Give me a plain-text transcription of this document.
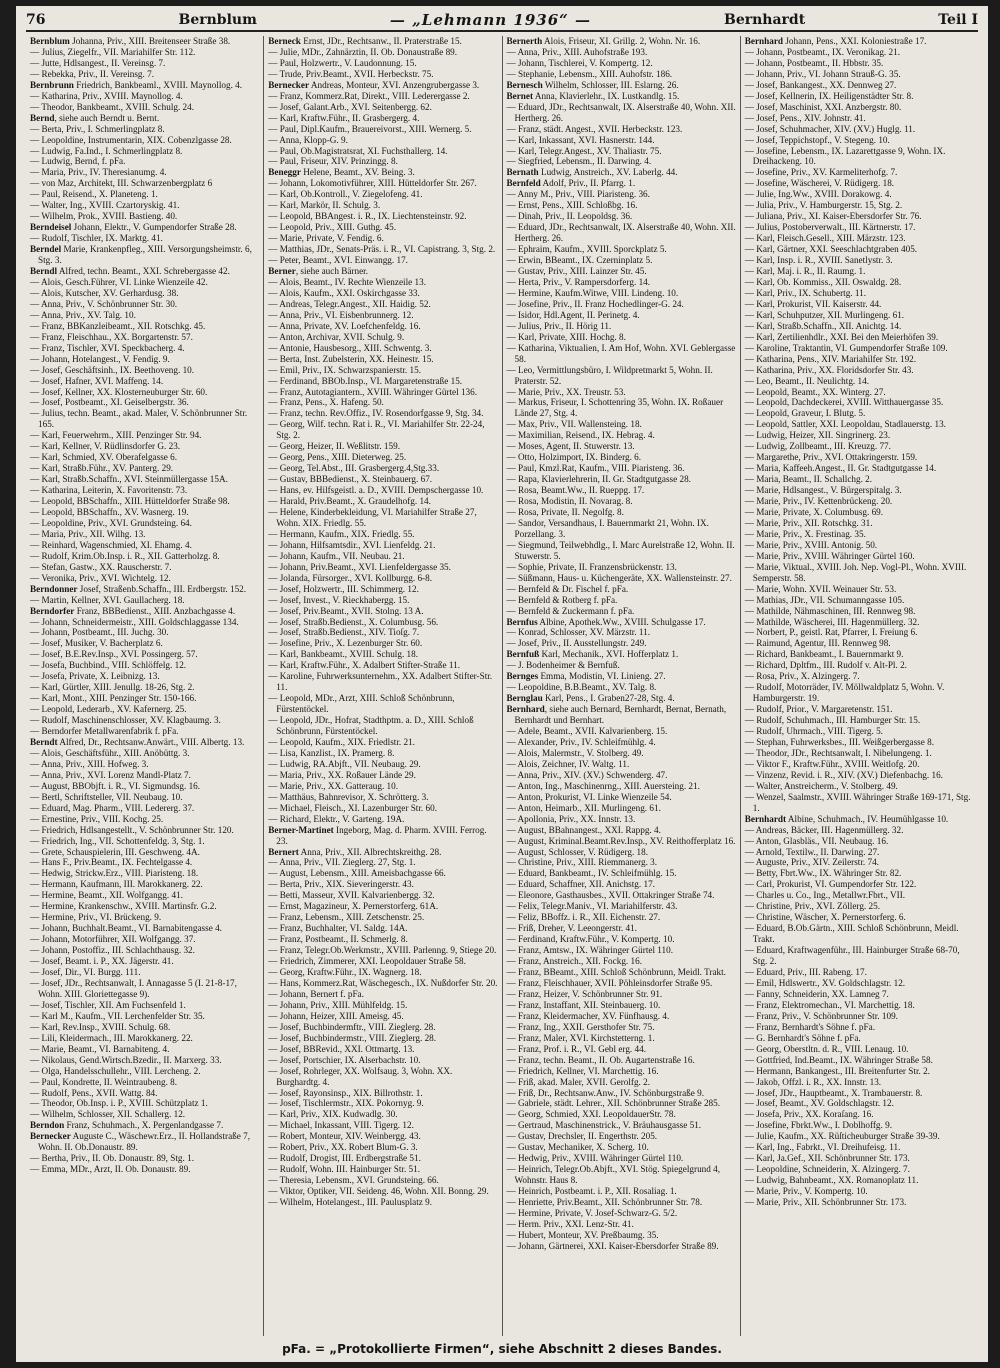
76	Bernblum	— „Lehmann 1936“ —	Bernhardt	Teil I

Bernblum Johanna, Priv., XIII. Breitenseer Straße 38.

— Julius, Ziegelfr., VII. Mariahilfer Str. 112.

— Jutte, Hdlsangest., II. Vereinsg. 7.

— Rebekka, Priv., II. Vereinsg. 7.

Bernbrunn Friedrich, Bankbeaml., XVIII. Maynollog. 4.

— Katharina, Priv., XVIII. Maynollog. 4.

— Theodor, Bankbeamt., XVIII. Schulg. 24.

Bernd, siehe auch Berndt u. Bernt.

— Berta, Priv., I. Schmerlingplatz 8.

— Leopoldine, Instrumentarin, XIX. Cobenzlgasse 28.

— Ludwig, Fa.Ind., I. Schmerlingplatz 8.

— Ludwig, Bernd, f. pFa.

— Maria, Priv., IV. Theresianumg. 4.

— von Maz, Architekt, III. Schwarzenbergplatz 6

— Paul, Reisend., X. Planeteng. 1.

— Walter, Ing., XVIII. Czartoryskig. 41.

— Wilhelm, Prok., XVIII. Bastieng. 40.

Berndeisel Johann, Elektr., V. Gumpendorfer Straße 28.

— Rudolf, Tischler, IX. Marktg. 41.

Berndel Marie, Krankenpfleg., XIII. Versorgungsheimstr. 6, Stg. 3.

Berndl Alfred, techn. Beamt., XXI. Schrebergasse 42.

— Alois, Gesch.Führer, VI. Linke Wienzeile 42.

— Alois, Kutscher, XV. Gerhardusg. 38.

— Anna, Priv., V. Schönbrunner Str. 30.

— Anna, Priv., XV. Talg. 10.

— Franz, BBKanzleibeamt., XII. Rotschkg. 45.

— Franz, Fleischhau., XX. Borgartenstr. 57.

— Franz, Tischler, XVI. Speckbacherg. 4.

— Johann, Hotelangest., V. Fendig. 9.

— Josef, Geschäftsinh., IX. Beethoveng. 10.

— Josef, Hafner, XVI. Maffeng. 14.

— Josef, Kellner, XX. Klosterneuburger Str. 60.

— Josef, Postbeamt., XI. Geiselbergstr. 36.

— Julius, techn. Beamt., akad. Maler, V. Schönbrunner Str. 165.

— Karl, Feuerwehrm., XIII. Penzinger Str. 94.

— Karl, Kellner, V. Rüdlinsdorfer G. 23.

— Karl, Schmied, XV. Oberafelgasse 6.

— Karl, Straßb.Führ., XV. Panterg. 29.

— Karl, Straßb.Schaffn., XVI. Steinmüllergasse 15A.

— Katharina, Leiterin, X. Favoritenstr. 73.

— Leopold, BBSchaffn., XIII. Hütteldorfer Straße 98.

— Leopold, BBSchaffn., XV. Wasnerg. 19.

— Leopoldine, Priv., XVI. Grundsteing. 64.

— Maria, Priv., XII. Wilhg. 13.

— Reinhard, Wagenschmied, XI. Ehamg. 4.

— Rudolf, Krim.Ob.Insp. i. R., XII. Gatterholzg. 8.

— Stefan, Gastw., XX. Rauscherstr. 7.

— Veronika, Priv., XVI. Wichtelg. 12.

Berndonner Josef, Straßenb.Schaffn., III. Erdbergstr. 152.

— Martin, Kellner, XVI. Gaullacherg. 18.

Berndorfer Franz, BBBedienst., XIII. Anzbachgasse 4.

— Johann, Schneidermeistr., XIII. Goldschlaggasse 134.

— Johann, Postbeamt., III. Juchg. 30.

— Josef, Musiker, V. Bacherplatz 6.

— Josef, B.E.Rev.Insp., XVI. Possingerg. 57.

— Josefa, Buchbind., VIII. Schlöffelg. 12.

— Josefa, Private, X. Leibnizg. 13.

— Karl, Gürtler, XIII. Jenullg. 18-26, Stg. 2.

— Karl, Mont., XIII. Penzinger Str. 150-166.

— Leopold, Lederarb., XV. Kafernerg. 25.

— Rudolf, Maschinenschlosser, XV. Klagbaumg. 3.

— Berndorfer Metallwarenfabrik f. pFa.

Berndt Alfred, Dr., Rechtsanw.Anwärt., VIII. Albertg. 13.

— Alois, Geschäftsführ., XIII. Anöbüttg. 3.

— Anna, Priv., XIII. Hofweg. 3.

— Anna, Priv., XVI. Lorenz Mandl-Platz 7.

— August, BBObjft. i. R., VI. Sigmundsg. 16.

— Bertl, Schriftsteller, VII. Neubaug. 10.

— Eduard, Mag. Pharm., VIII. Ledererg. 37.

— Ernestine, Priv., VIII. Kochg. 25.

— Friedrich, Hdlsangestellt., V. Schönbrunner Str. 120.

— Friedrich, Ing., VII. Schottenfeldg. 3, Stg. 1.

— Grete, Schauspielerin, III. Geschweng. 4A.

— Hans F., Priv.Beamt., IX. Fechtelgasse 4.

— Hedwig, Strickw.Erz., VIII. Piaristeng. 18.

— Hermann, Kaufmann, III. Marokkanerg. 22.

— Hermine, Beamt., XII. Wolfgangg. 41.

— Hermine, Krankenschw., XVIII. Martinsfr. G.2.

— Hermine, Priv., VI. Brückeng. 9.

— Johann, Buchhalt.Beamt., VI. Barnabitengasse 4.

— Johann, Motorführer, XII. Wolfgangg. 37.

— Johann, Postoffiz., III. Schlachthausg. 32.

— Josef, Beamt. i. P., XX. Jägerstr. 41.

— Josef, Dir., VI. Burgg. 111.

— Josef, JDr., Rechtsanwalt, I. Annagasse 5 (I. 21-8-17, Wohn. XIII. Gloriettegasse 9).

— Josef, Tischler, XII. Am Fuchsenfeld 1.

— Karl M., Kaufm., VII. Lerchenfelder Str. 35.

— Karl, Rev.Insp., XVIII. Schulg. 68.

— Lili, Kleidermach., III. Marokkanerg. 22.

— Marie, Beamt., VI. Barnabiteng. 4.

— Nikolaus, Gend.Wirtsch.Bzedir., II. Marxerg. 33.

— Olga, Handelsschullehr., VIII. Lercheng. 2.

— Paul, Kondrette, II. Weintraubeng. 8.

— Rudolf, Pens., XVII. Wattg. 84.

— Theodor, Ob.Insp. i. P., XVIII. Schützplatz 1.

— Wilhelm, Schlosser, XII. Schallerg. 12.

Berndon Franz, Schuhmach., X. Pergenlandgasse 7.

Bernecker Auguste C., Wäschewr.Erz., II. Hollandstraße 7, Wohn. II. Ob.Donaustr. 89.

— Bertha, Priv., II. Ob. Donaustr. 89, Stg. 1.

— Emma, MDr., Arzt, II. Ob. Donaustr. 89.

Berneck Ernst, JDr., Rechtsanw., II. Praterstraße 15.

— Julie, MDr., Zahnärztin, II. Ob. Donaustraße 89.

— Paul, Holzwertr., V. Laudonnung. 15.

— Trude, Priv.Beamt., XVII. Herbeckstr. 75.

Bernecker Andreas, Monteur, XVI. Anzengrubergasse 3.

— Franz, Kommerz.Rat, Direkt., VIII. Lederergasse 2.

— Josef, Galant.Arb., XVI. Seitenbergg. 62.

— Karl, Kraftw.Führ., II. Grasbergerg. 4.

— Paul, Dipl.Kaufm., Brauereivorst., XIII. Wernerg. 5.

— Anna, Klopp-G. 9.

— Paul, Ob.Magistratsrat, XI. Fuchsthallerg. 14.

— Paul, Friseur, XIV. Prinzingg. 8.

Beneggr Helene, Beamt., XV. Being. 3.

— Johann, Lokomotivführer, XIII. Hütteldorfer Str. 267.

— Karl, Ob.Kontroll., V. Ziegelofeng. 41.

— Karl, Markör, II. Schulg. 3.

— Leopold, BBAngest. i. R., IX. Liechtensteinstr. 92.

— Leopold, Priv., XIII. Guthg. 45.

— Marie, Private, V. Fendig. 6.

— Matthias, JDr., Senats-Präs. i. R., VI. Capistrang. 3, Stg. 2.

— Peter, Beamt., XVI. Einwangg. 17.

Berner, siehe auch Bärner.

— Alois, Beamt., IV. Rechte Wienzeile 13.

— Alois, Kaufm., XXI. Oskirchgasse 33.

— Andreas, Telegr.Angest., XII. Haidig. 52.

— Anna, Priv., VI. Eisbenbrunnerg. 12.

— Anna, Private, XV. Loefchenfeldg. 16.

— Anton, Archivar, XVII. Schulg. 9.

— Antonie, Hausbesorg., XIII. Schwentg. 3.

— Berta, Inst. Zubelsterin, XX. Heinestr. 15.

— Emil, Priv., IX. Schwarzspanierstr. 15.

— Ferdinand, BBOb.Insp., VI. Margaretenstraße 15.

— Franz, Autotagiantern., XVIII. Währinger Gürtel 136.

— Franz, Pens., X. Hafeng. 50.

— Franz, techn. Rev.Offiz., IV. Rosendorfgasse 9, Stg. 34.

— Georg, Wilf. techn. Rat i. R., VI. Mariahilfer Str. 22-24, Stg. 2.

— Georg, Heizer, II. Weßlitstr. 159.

— Georg, Pens., XIII. Dieterweg. 25.

— Georg, Tel.Abst., III. Grasbergerg.4,Stg.33.

— Gustav, BBBedienst., X. Steinbauerg. 67.

— Hans, ev. Hilfsgeistl. a. D., XVIII. Dempschergasse 10.

— Harald, Priv.Beamt., X. Graudelhofg. 14.

— Helene, Kinderbekleidung, VI. Mariahilfer Straße 27, Wohn. XIX. Friedlg. 55.

— Hermann, Kaufm., XIX. Friedlg. 55.

— Johann, Hilfsamtsdir., XVI. Lienfeldg. 21.

— Johann, Kaufm., VII. Neubau. 21.

— Johann, Priv.Beamt., XVI. Lienfeldergasse 35.

— Jolanda, Fürsorger., XVI. Kollburgg. 6-8.

— Josef, Holzwertr., III. Schimmerg. 12.

— Josef, Invest., V. Rieckhabergg. 15.

— Josef, Priv.Beamt., XVII. Stolng. 13 A.

— Josef, Straßb.Bedienst., X. Columbusg. 56.

— Josef, Straßb.Bedienst., XIV. Tioſg. 7.

— Josefine, Priv., X. Lezenburger Str. 60.

— Karl, Bankbeamt., XVIII. Schulg. 18.

— Karl, Kraftw.Führ., X. Adalbert Stifter-Straße 11.

— Karoline, Fuhrwerksunternehm., XX. Adalbert Stifter-Str. 11.

— Leopold, MDr., Arzt, XIII. Schloß Schönbrunn, Fürstentöckel.

— Leopold, JDr., Hofrat, Stadthptm. a. D., XIII. Schloß Schönbrunn, Fürstentöckel.

— Leopold, Kaufm., XIX. Friedlstr. 21.

— Lisa, Kanzlist., IX. Pramerg. 8.

— Ludwig, RA.Abjft., VII. Neubaug. 29.

— Maria, Priv., XX. Roßauer Lände 29.

— Marie, Priv., XX. Gatteraug. 10.

— Matthäus, Bahnrevisor, X. Schrötterg. 3.

— Michael, Fleisch., XI. Lazenburger Str. 60.

— Richard, Elektr., V. Garteng. 19A.

Berner-Martinet Ingeborg, Mag. d. Pharm. XVIII. Ferrog. 23.

Bernert Anna, Priv., XII. Albrechtskreithg. 28.

— Anna, Priv., VII. Zieglerg. 27, Stg. 1.

— August, Lebensm., XIII. Ameisbachgasse 66.

— Berta, Priv., XIX. Sieveringerstr. 43.

— Betti, Masseur, XVII. Kalvarienbergg. 32.

— Ernst, Magazineur, X. Pernerstorferg. 61A.

— Franz, Lebensm., XIII. Zetschenstr. 25.

— Franz, Buchhalter, VI. Saldg. 14A.

— Franz, Postbeamt., II. Schmerlg. 8.

— Franz, Telegr.Ob.Werkmstr., XVIII. Parlenng. 9, Stiege 20.

— Friedrich, Zimmerer, XXI. Leopoldauer Straße 58.

— Georg, Kraftw.Führ., IX. Wagnerg. 18.

— Hans, Kommerz.Rat, Wäschegesch., IX. Nußdorfer Str. 20.

— Johann, Bernert f. pFa.

— Johann, Priv., XIII. Mühlfeldg. 15.

— Johann, Heizer, XIII. Ameisg. 45.

— Josef, Buchbindermftr., VIII. Zieglerg. 28.

— Josef, Buchbindermstr., VIII. Zieglerg. 28.

— Josef, BBRevid., XXI. Ottmartg. 13.

— Josef, Portschier, IX. Alserbachstr. 10.

— Josef, Rohrleger, XX. Wolfsaug. 3, Wohn. XX. Burghardtg. 4.

— Josef, Rayonsinsp., XIX. Billrothstr. 1.

— Josef, Tischlermstr., XIX. Pokornyg. 9.

— Karl, Priv., XIX. Kudwadlg. 30.

— Michael, Inkassant, VIII. Tigerg. 12.

— Robert, Monteur, XIV. Weinbergg. 43.

— Robert, Priv., XX. Robert Blum-G. 3.

— Rudolf, Drogist, III. Erdbergstraße 51.

— Rudolf, Wohn. III. Hainburger Str. 51.

— Theresia, Lebensm., XVI. Grundsteing. 66.

— Viktor, Optiker, VII. Seideng. 46, Wohn. XII. Bonng. 29.

— Wilhelm, Hotelangest., III. Paulusplatz 9.

Bernerth Alois, Friseur, XI. Grillg. 2, Wohn. Nr. 16.

— Anna, Priv., XIII. Auhofstraße 193.

— Johann, Tischlerei, V. Kompertg. 12.

— Stephanie, Lebensm., XIII. Auhofstr. 186.

Bernesch Wilhelm, Schlosser, III. Eslarng. 26.

Bernet Anna, Klavierlehr., IX. Lustkandlg. 15.

— Eduard, JDr., Rechtsanwalt, IX. Alserstraße 40, Wohn. XII. Hertherg. 26.

— Franz, städt. Angest., XVII. Herbeckstr. 123.

— Karl, Inkassant, XVI. Hasnerstr. 144.

— Karl, Telegr.Angest., XV. Thaliastr. 75.

— Siegfried, Lebensm., II. Darwing. 4.

Bernath Ludwig, Anstreich., XV. Laberlg. 44.

Bernfeld Adolf, Priv., II. Pfarrg. 1.

— Anny M., Priv., VIII. Piaristeng. 36.

— Ernst, Pens., XIII. Schloßbg. 16.

— Dinah, Priv., II. Leopoldsg. 36.

— Eduard, JDr., Rechtsanwalt, IX. Alserstraße 40, Wohn. XII. Hertherg. 26.

— Ephraim, Kaufm., XVIII. Sporckplatz 5.

— Erwin, BBeamt., IX. Czerninplatz 5.

— Gustav, Priv., XIII. Lainzer Str. 45.

— Herta, Priv., V. Rampersdorferg. 14.

— Hermine, Kaufm.Witwe, VIII. Lindeng. 10.

— Josefine, Priv., II. Franz Hochedlinger-G. 24.

— Isidor, Hdl.Agent, II. Perinetg. 4.

— Julius, Priv., II. Hörig 11.

— Karl, Private, XIII. Hochg. 8.

— Katharina, Viktualien, I. Am Hof, Wohn. XVI. Geblergasse 58.

— Leo, Vermittlungsbüro, I. Wildpretmarkt 5, Wohn. II. Praterstr. 52.

— Marie, Priv., XX. Treustr. 53.

— Markus, Friseur, I. Schottenring 35, Wohn. IX. Roßauer Lände 27, Stg. 4.

— Max, Priv., VII. Wallensteing. 18.

— Maximilian, Reisend., IX. Hebrag. 4.

— Moses, Agent, II. Stuwerstr. 13.

— Otto, Holzimport, IX. Binderg. 6.

— Paul, Kmzl.Rat, Kaufm., VIII. Piaristeng. 36.

— Rapa, Klavierlehrerin, II. Gr. Stadtgutgasse 28.

— Rosa, Beamt.Ww., II. Rueppg. 17.

— Rosa, Modistin, II. Novarag. 8.

— Rosa, Private, II. Negolfg. 8.

— Sandor, Versandhaus, I. Bauernmarkt 21, Wohn. IX. Porzellang. 3.

— Siegmund, Teilwebhdlg., I. Marc Aurelstraße 12, Wohn. II. Stuwerstr. 5.

— Sophie, Private, II. Franzensbrückenstr. 13.

— Süßmann, Haus- u. Küchengeräte, XX. Wallensteinstr. 27.

— Bernfeld & Dr. Fischel f. pFa.

— Bernfeld & Rotberg f. pFa.

— Bernfeld & Zuckermann f. pFa.

Bernfus Albine, Apothek.Ww., XVIII. Schulgasse 17.

— Konrad, Schlosser, XV. Märzstr. 11.

— Josef, Priv., II. Ausstellungstr. 249.

Bernfuß Karl, Mechanik., XVI. Hofferplatz 1.

— J. Bodenheimer & Bernfuß.

Bernges Emma, Modistin, VI. Linieng. 27.

— Leopoldine, B.B.Beamt., XV. Talg. 8.

Bernglau Karl, Pens., I. Graben27-28, Stg. 4.

Bernhard, siehe auch Bernard, Bernhardt, Bernat, Bernath, Bernhardt und Bernhart.

— Adele, Beamt., XVII. Kalvarienberg. 15.

— Alexander, Priv., IV. Schleifmühlg. 4.

— Alois, Malermstr., V. Stolberg. 49.

— Alois, Zeichner, IV. Waltg. 11.

— Anna, Priv., XIV. (XV.) Schwenderg. 47.

— Anton, Ing., Maschinenrng., XIII. Auersteing. 21.

— Anton, Prokurist, VI. Linke Wienzeile 54.

— Anton, Heimarb., XII. Murlingeng. 61.

— Apollonia, Priv., XX. Innstr. 13.

— August, BBahnangest., XXI. Rappg. 4.

— August, Kriminal.Beamt.Rev.Insp., XV. Reithofferplatz 16.

— August, Schlosser, V. Rüdigerg. 18.

— Christine, Priv., XIII. Riemmanerg. 3.

— Eduard, Bankbeamt., IV. Schleifmühlg. 15.

— Eduard, Schaffner, XII. Anichstg. 17.

— Eleonore, Gasthausbes., XVII. Ottakringer Straße 74.

— Felix, Telegr.Maniv., VI. Mariahilferstr. 43.

— Feliz, BBoffz. i. R., XII. Eichenstr. 27.

— Friß, Dreher, V. Leeongerstr. 41.

— Ferdinand, Kraftw.Führ., V. Kompertg. 10.

— Franz, Amtsw., IX. Währinger Gürtel 110.

— Franz, Anstreich., XII. Fockg. 16.

— Franz, BBeamt., XIII. Schloß Schönbrunn, Meidl. Trakt.

— Franz, Fleischhauer, XVII. Pöhleinsdorfer Straße 95.

— Franz, Heizer, V. Schönbrunner Str. 91.

— Franz, Instaffant, XII. Steinbauerg. 10.

— Franz, Kleidermacher, XV. Fünfhausg. 4.

— Franz, Ing., XXII. Gersthofer Str. 75.

— Franz, Maler, XVI. Kirchstetterng. 1.

— Franz, Prof. i. R., VI. Gebl erg. 44.

— Franz, techn. Beamt., II. Ob. Augartenstraße 16.

— Friedrich, Kellner, VI. Marchettig. 16.

— Friß, akad. Maler, XVII. Gerolfg. 2.

— Friß, Dr., Rechtsanw.Anw., IV. Schönburgstraße 9.

— Gabriele, städt. Lehrer., XII. Schönbrunner Straße 285.

— Georg, Schmied, XXI. LeopoldauerStr. 78.

— Gertraud, Maschinenstrick., V. Bräuhausgasse 51.

— Gustav, Drechsler, II. Engerthstr. 205.

— Gustav, Mechaniker, X. Scherg. 10.

— Hedwig, Priv., XVIII. Währinger Gürtel 110.

— Heinrich, Telegr.Ob.Abjft., XVI. Stög. Spiegelgrund 4, Wohnstr. Haus 8.

— Heinrich, Postbeamt. i. P., XII. Rosaliag. 1.

— Henriette, Priv.Beamt., XII. Schönbrunner Str. 78.

— Hermine, Private, V. Josef-Schwarz-G. 5/2.

— Herm. Priv., XXI. Lenz-Str. 41.

— Hubert, Monteur, XV. Preßbaumg. 35.

— Johann, Gärtnerei, XXI. Kaiser-Ebersdorfer Straße 89.

Bernhard Johann, Pens., XXI. Koloniestraße 17.

— Johann, Postbeamt., IX. Veronikag. 21.

— Johann, Postbeamt., II. Hbbstr. 35.

— Johann, Priv., VI. Johann Strauß-G. 35.

— Josef, Bankangest., XX. Dennweg 27.

— Josef, Kellnerin, IX. Heiligenstädter Str. 8.

— Josef, Maschinist, XXI. Anzbergstr. 80.

— Josef, Pens., XIV. Johnstr. 41.

— Josef, Schuhmacher, XIV. (XV.) Huglg. 11.

— Josef, Teppichstopf., V. Stegeng. 10.

— Josefine, Lebensm., IX. Lazarettgasse 9, Wohn. IX. Dreihackeng. 10.

— Josefine, Priv., XV. Karmeliterhofg. 7.

— Josefine, Wäscherei, V. Rüdigerg. 18.

— Julie, Ing.Ww., XVIII. Dorakowg. 4.

— Julia, Priv., V. Hamburgerstr. 15, Stg. 2.

— Juliana, Priv., XI. Kaiser-Ebersdorfer Str. 76.

— Julius, Postoberverwalt., III. Kärtnerstr. 17.

— Karl, Fleisch.Gesell., XIII. Märzstr. 123.

— Karl, Gärtner, XXI. Seeschlachtgraben 405.

— Karl, Insp. i. R., XVIII. Sanetlystr. 3.

— Karl, Maj. i. R., II. Raumg. 1.

— Karl, Ob. Kommiss., XII. Oswaldg. 28.

— Karl, Priv., IX. Schubertg. 11.

— Karl, Prokurist, VII. Kaiserstr. 44.

— Karl, Schuhputzer, XII. Murlingeng. 61.

— Karl, Straßb.Schaffn., XII. Anichtg. 14.

— Karl, Zertilienhdlr., XXI. Bei den Meierhöfen 39.

— Karoline, Traktantin, VI. Gumpendorfer Straße 109.

— Katharina, Pens., XIV. Mariahilfer Str. 192.

— Katharina, Priv., XX. Floridsdorfer Str. 43.

— Leo, Beamt., II. Neulichtg. 14.

— Leopold, Beamt., XX. Winterg. 27.

— Leopold, Dachdeckerei, XVIII. Witthauergasse 35.

— Leopold, Graveur, I. Blutg. 5.

— Leopold, Sattler, XXI. Leopoldau, Stadlauerstg. 13.

— Ludwig, Heizer, XII. Singrinerg. 23.

— Ludwig, Zollbeamt., III. Kreuzg. 77.

— Margarethe, Priv., XVI. Ottakringerstr. 159.

— Maria, Kaffeeh.Angest., II. Gr. Stadtgutgasse 14.

— Maria, Beamt., II. Schallchg. 2.

— Marie, Hdlsangest., V. Bürgerspitalg. 3.

— Marie, Priv., IV. Kettenbrückeng. 20.

— Marie, Private, X. Columbusg. 69.

— Marie, Priv., XII. Rotschkg. 31.

— Marie, Priv., X. Frestinag. 35.

— Marie, Priv., XVIII. Antonig. 50.

— Marie, Priv., XVIII. Währinger Gürtel 160.

— Marie, Viktual., XVIII. Joh. Nep. Vogl-Pl., Wohn. XVIII. Semperstr. 58.

— Marie, Wohn. XVII. Weinauer Str. 53.

— Mathias, JDr., VII. Schumanngasse 105.

— Mathilde, Nähmaschinen, III. Rennweg 98.

— Mathilde, Wäscherei, III. Hagenmüllerg. 32.

— Norbert, P., geistl. Rat, Pfarrer, I. Freiung 6.

— Raimund, Agentur, III. Rennweg 98.

— Richard, Bankbeamt., I. Bauernmarkt 9.

— Richard, Dpltfm., III. Rudolf v. Alt-Pl. 2.

— Rosa, Priv., X. Alzingerg. 7.

— Rudolf, Motorräder, IV. Möllwaldplatz 5, Wohn. V. Hamburgerstr. 19.

— Rudolf, Prior., V. Margaretenstr. 151.

— Rudolf, Schuhmach., III. Hamburger Str. 15.

— Rudolf, Uhrmach., VIII. Tigerg. 5.

— Stephan, Fuhrwerksbes., III. Weißgerbergasse 8.

— Theodor, JDr., Rechtsanwalt, I. Nibelungeng. 1.

— Viktor F., Kraftw.Führ., XVIII. Weitlofg. 20.

— Vinzenz, Revid. i. R., XIV. (XV.) Diefenbachg. 16.

— Walter, Anstreicherm., V. Stolberg. 49.

— Wenzel, Saalmstr., XVIII. Währinger Straße 169-171, Stg. 1.

Bernhardt Albine, Schuhmach., IV. Heumühlgasse 10.

— Andreas, Bäcker, III. Hagenmüllerg. 32.

— Anton, Glasbläs., VII. Neubaug. 16.

— Arnold, Textilw., II. Darwing. 27.

— Auguste, Priv., XIV. Zeilerstr. 74.

— Betty, Fbrt.Ww., IX. Währinger Str. 82.

— Carl, Prokurist, VI. Gumpendorfer Str. 122.

— Charles u. Co., Ing., Metallwr.Fbrt., VII.

— Christine, Priv., XVI. Zöllerg. 25.

— Christine, Wäscher, X. Pernerstorferg. 6.

— Eduard, B.Ob.Gärtn., XIII. Schloß Schönbrunn, Meidl. Trakt.

— Eduard, Kraftwagenführ., III. Hainburger Straße 68-70, Stg. 2.

— Eduard, Priv., III. Rabeng. 17.

— Emil, Hdlswertr., XV. Goldschlagstr. 12.

— Fanny, Schneiderin, XX. Lamneg 7.

— Franz, Elektromechan., VI. Marchettig. 18.

— Franz, Priv., V. Schönbrunner Str. 109.

— Franz, Bernhardt's Söhne f. pFa.

— G. Bernhardt's Söhne f. pFa.

— Georg, Oberstltn. d. R., VIII. Lenaug. 10.

— Gottfried, Ind.Beamt., IX. Währinger Straße 58.

— Hermann, Bankangest., III. Breitenfurter Str. 2.

— Jakob, Offzl. i. R., XX. Innstr. 13.

— Josef, JDr., Hauptbeamt., X. Trambauerstr. 8.

— Josef, Beamt., XV. Goldschlagstr. 12.

— Josefa, Priv., XX. Koraſang. 16.

— Josefine, Fbrkt.Ww., I. Doblhoffg. 9.

— Julie, Kaufm., XX. Rüſticheuburger Straße 39-39.

— Karl, Ing., Fabrkt., VI. Dreihufeisg. 11.

— Karl, Ja.Gef., XII. Schönbrunner Str. 173.

— Leopoldine, Schneiderin, X. Alzingerg. 7.

— Ludwig, Bahnbeamt., XX. Romanoplatz 11.

— Marie, Priv., V. Kompertg. 10.

— Marie, Priv., XII. Schönbrunner Str. 173.

pFa. = „Protokollierte Firmen“, siehe Abschnitt 2 dieses Bandes.
